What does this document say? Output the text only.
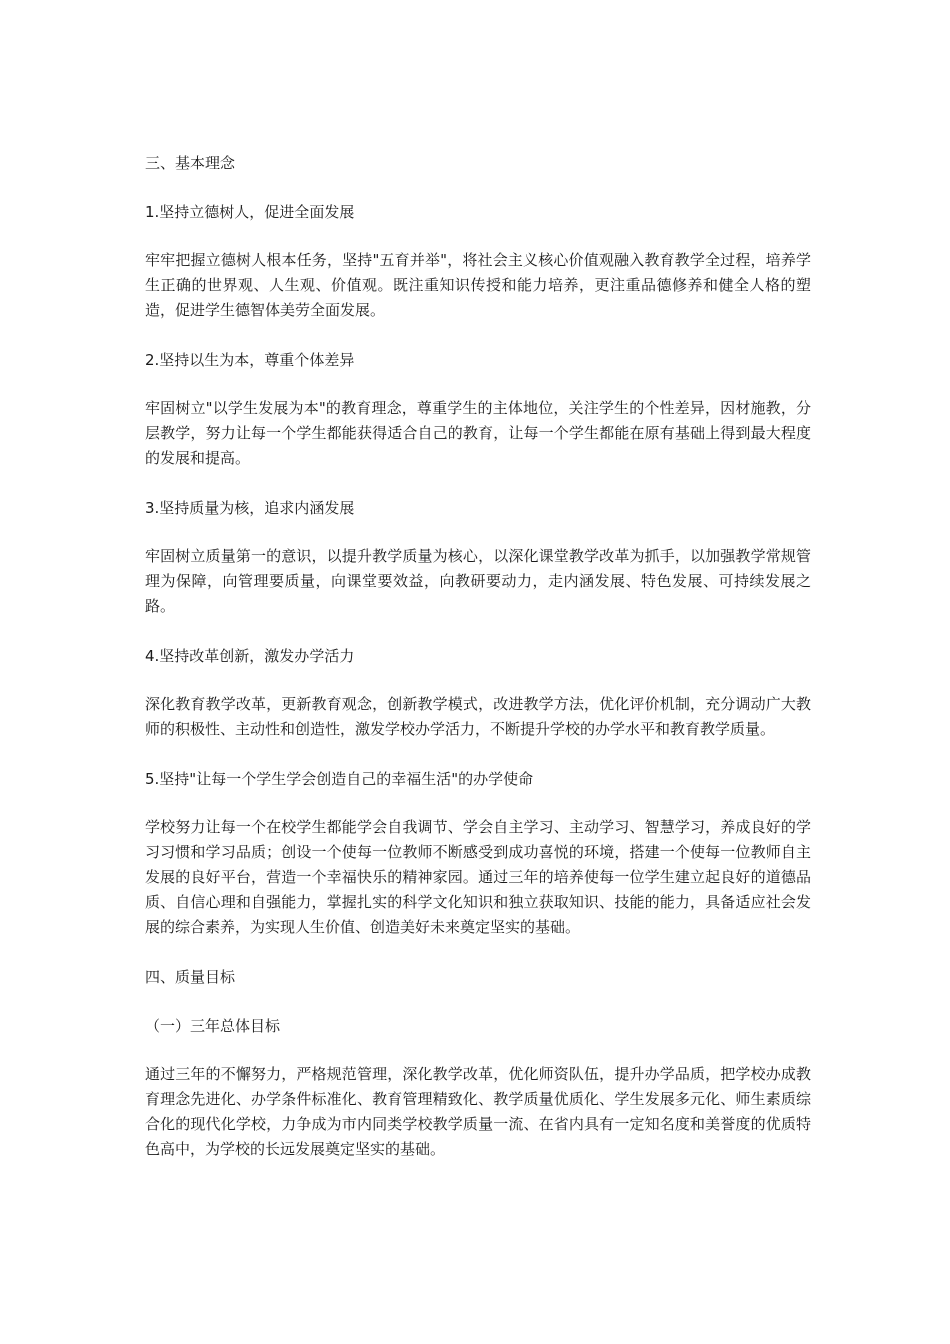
三、基本理念
1.坚持立德树人，促进全面发展
牢牢把握立德树人根本任务，坚持"五育并举"，将社会主义核心价值观融入教育教学全过程，培养学生正确的世界观、人生观、价值观。既注重知识传授和能力培养，更注重品德修养和健全人格的塑造，促进学生德智体美劳全面发展。
2.坚持以生为本，尊重个体差异
牢固树立"以学生发展为本"的教育理念，尊重学生的主体地位，关注学生的个性差异，因材施教，分层教学，努力让每一个学生都能获得适合自己的教育，让每一个学生都能在原有基础上得到最大程度的发展和提高。
3.坚持质量为核，追求内涵发展
牢固树立质量第一的意识，以提升教学质量为核心，以深化课堂教学改革为抓手，以加强教学常规管理为保障，向管理要质量，向课堂要效益，向教研要动力，走内涵发展、特色发展、可持续发展之路。
4.坚持改革创新，激发办学活力
深化教育教学改革，更新教育观念，创新教学模式，改进教学方法，优化评价机制，充分调动广大教师的积极性、主动性和创造性，激发学校办学活力，不断提升学校的办学水平和教育教学质量。
5.坚持"让每一个学生学会创造自己的幸福生活"的办学使命
学校努力让每一个在校学生都能学会自我调节、学会自主学习、主动学习、智慧学习，养成良好的学习习惯和学习品质；创设一个使每一位教师不断感受到成功喜悦的环境，搭建一个使每一位教师自主发展的良好平台，营造一个幸福快乐的精神家园。通过三年的培养使每一位学生建立起良好的道德品质、自信心理和自强能力，掌握扎实的科学文化知识和独立获取知识、技能的能力，具备适应社会发展的综合素养，为实现人生价值、创造美好未来奠定坚实的基础。
四、质量目标
（一）三年总体目标
通过三年的不懈努力，严格规范管理，深化教学改革，优化师资队伍，提升办学品质，把学校办成教育理念先进化、办学条件标准化、教育管理精致化、教学质量优质化、学生发展多元化、师生素质综合化的现代化学校，力争成为市内同类学校教学质量一流、在省内具有一定知名度和美誉度的优质特色高中，为学校的长远发展奠定坚实的基础。
